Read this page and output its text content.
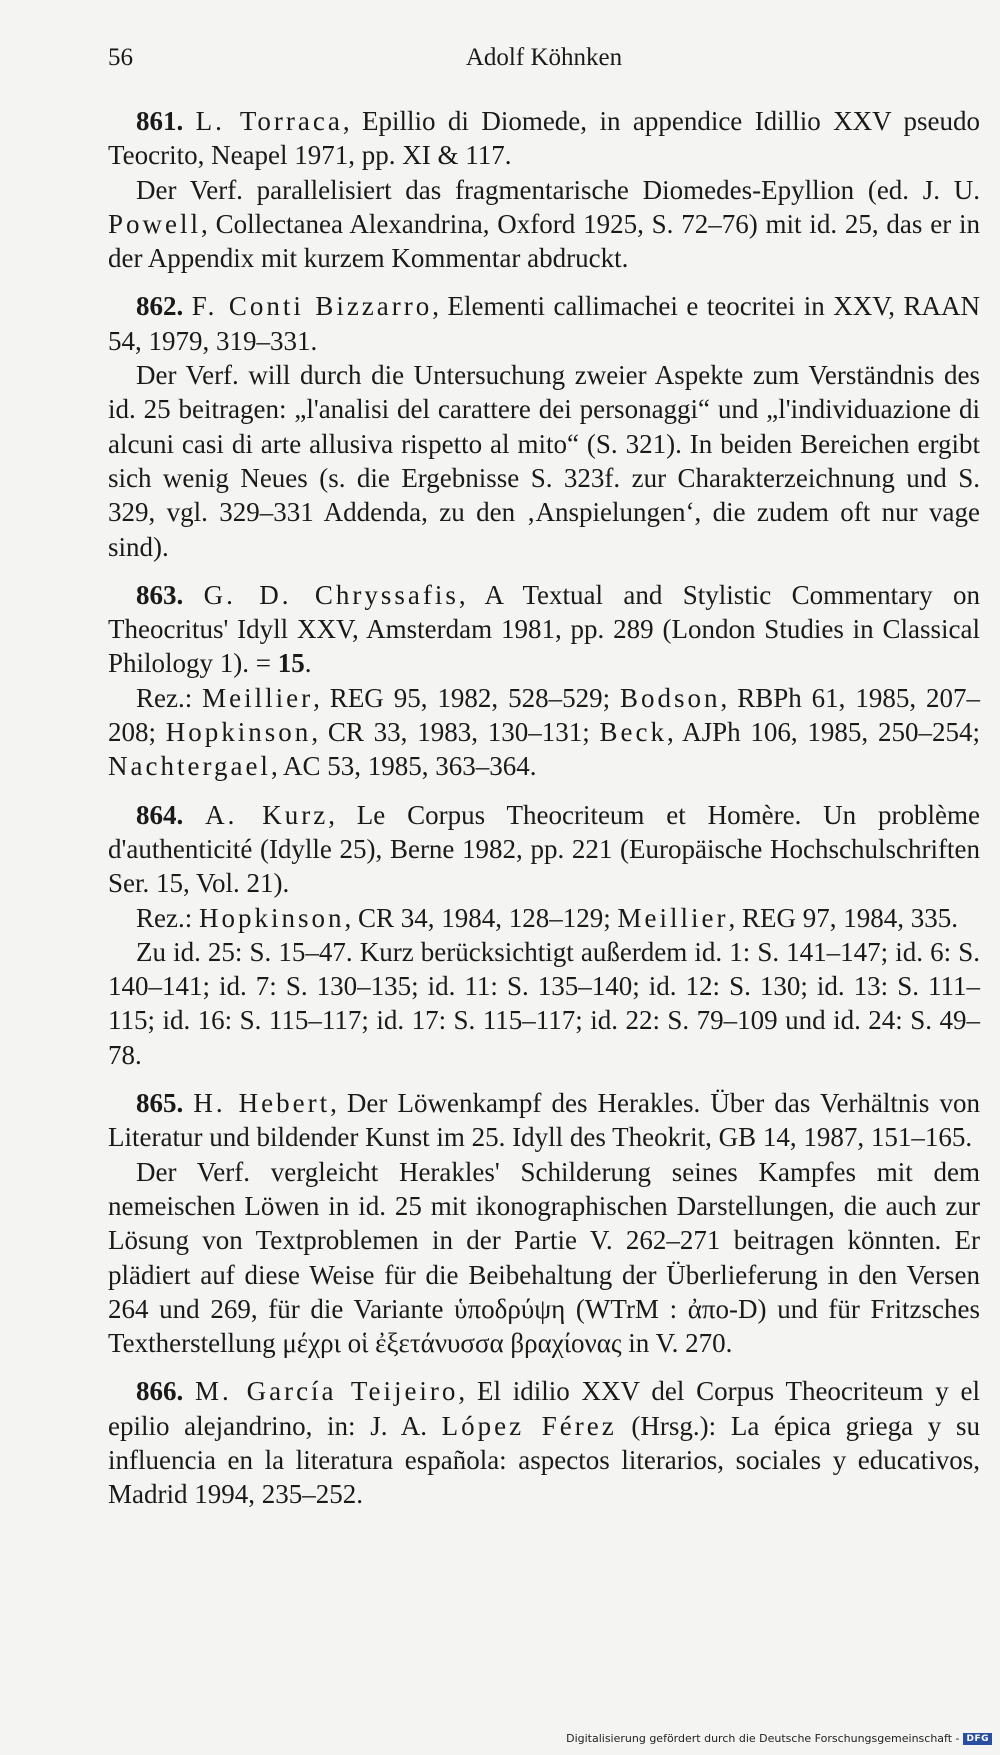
56	Adolf Köhnken

861. L. Torraca, Epillio di Diomede, in appendice Idillio XXV pseudo Teocrito, Neapel 1971, pp. XI & 117.

Der Verf. parallelisiert das fragmentarische Diomedes-Epyllion (ed. J. U. Powell, Collectanea Alexandrina, Oxford 1925, S. 72–76) mit id. 25, das er in der Appendix mit kurzem Kommentar abdruckt.

862. F. Conti Bizzarro, Elementi callimachei e teocritei in XXV, RAAN 54, 1979, 319–331.

Der Verf. will durch die Untersuchung zweier Aspekte zum Verständnis des id. 25 beitragen: „l'analisi del carattere dei personaggi“ und „l'individuazione di alcuni casi di arte allusiva rispetto al mito“ (S. 321). In beiden Bereichen ergibt sich wenig Neues (s. die Ergebnisse S. 323f. zur Charakterzeichnung und S. 329, vgl. 329–331 Addenda, zu den ‚Anspielungen‘, die zudem oft nur vage sind).

863. G. D. Chryssafis, A Textual and Stylistic Commentary on Theocritus' Idyll XXV, Amsterdam 1981, pp. 289 (London Studies in Classical Philology 1). = 15.

Rez.: Meillier, REG 95, 1982, 528–529; Bodson, RBPh 61, 1985, 207–208; Hopkinson, CR 33, 1983, 130–131; Beck, AJPh 106, 1985, 250–254; Nachtergael, AC 53, 1985, 363–364.

864. A. Kurz, Le Corpus Theocriteum et Homère. Un problème d'authenticité (Idylle 25), Berne 1982, pp. 221 (Europäische Hochschulschriften Ser. 15, Vol. 21).

Rez.: Hopkinson, CR 34, 1984, 128–129; Meillier, REG 97, 1984, 335.

Zu id. 25: S. 15–47. Kurz berücksichtigt außerdem id. 1: S. 141–147; id. 6: S. 140–141; id. 7: S. 130–135; id. 11: S. 135–140; id. 12: S. 130; id. 13: S. 111–115; id. 16: S. 115–117; id. 17: S. 115–117; id. 22: S. 79–109 und id. 24: S. 49–78.

865. H. Hebert, Der Löwenkampf des Herakles. Über das Verhältnis von Literatur und bildender Kunst im 25. Idyll des Theokrit, GB 14, 1987, 151–165.

Der Verf. vergleicht Herakles' Schilderung seines Kampfes mit dem nemeischen Löwen in id. 25 mit ikonographischen Darstellungen, die auch zur Lösung von Textproblemen in der Partie V. 262–271 beitragen könnten. Er plädiert auf diese Weise für die Beibehaltung der Überlieferung in den Versen 264 und 269, für die Variante ὑποδρύψη (WTrM : ἀπο-D) und für Fritzsches Textherstellung μέχρι οἱ ἐξετάνυσσα βραχίονας in V. 270.

866. M. García Teijeiro, El idilio XXV del Corpus Theocriteum y el epilio alejandrino, in: J. A. López Férez (Hrsg.): La épica griega y su influencia en la literatura española: aspectos literarios, sociales y educativos, Madrid 1994, 235–252.

Digitalisierung gefördert durch die Deutsche Forschungsgemeinschaft - DFG
